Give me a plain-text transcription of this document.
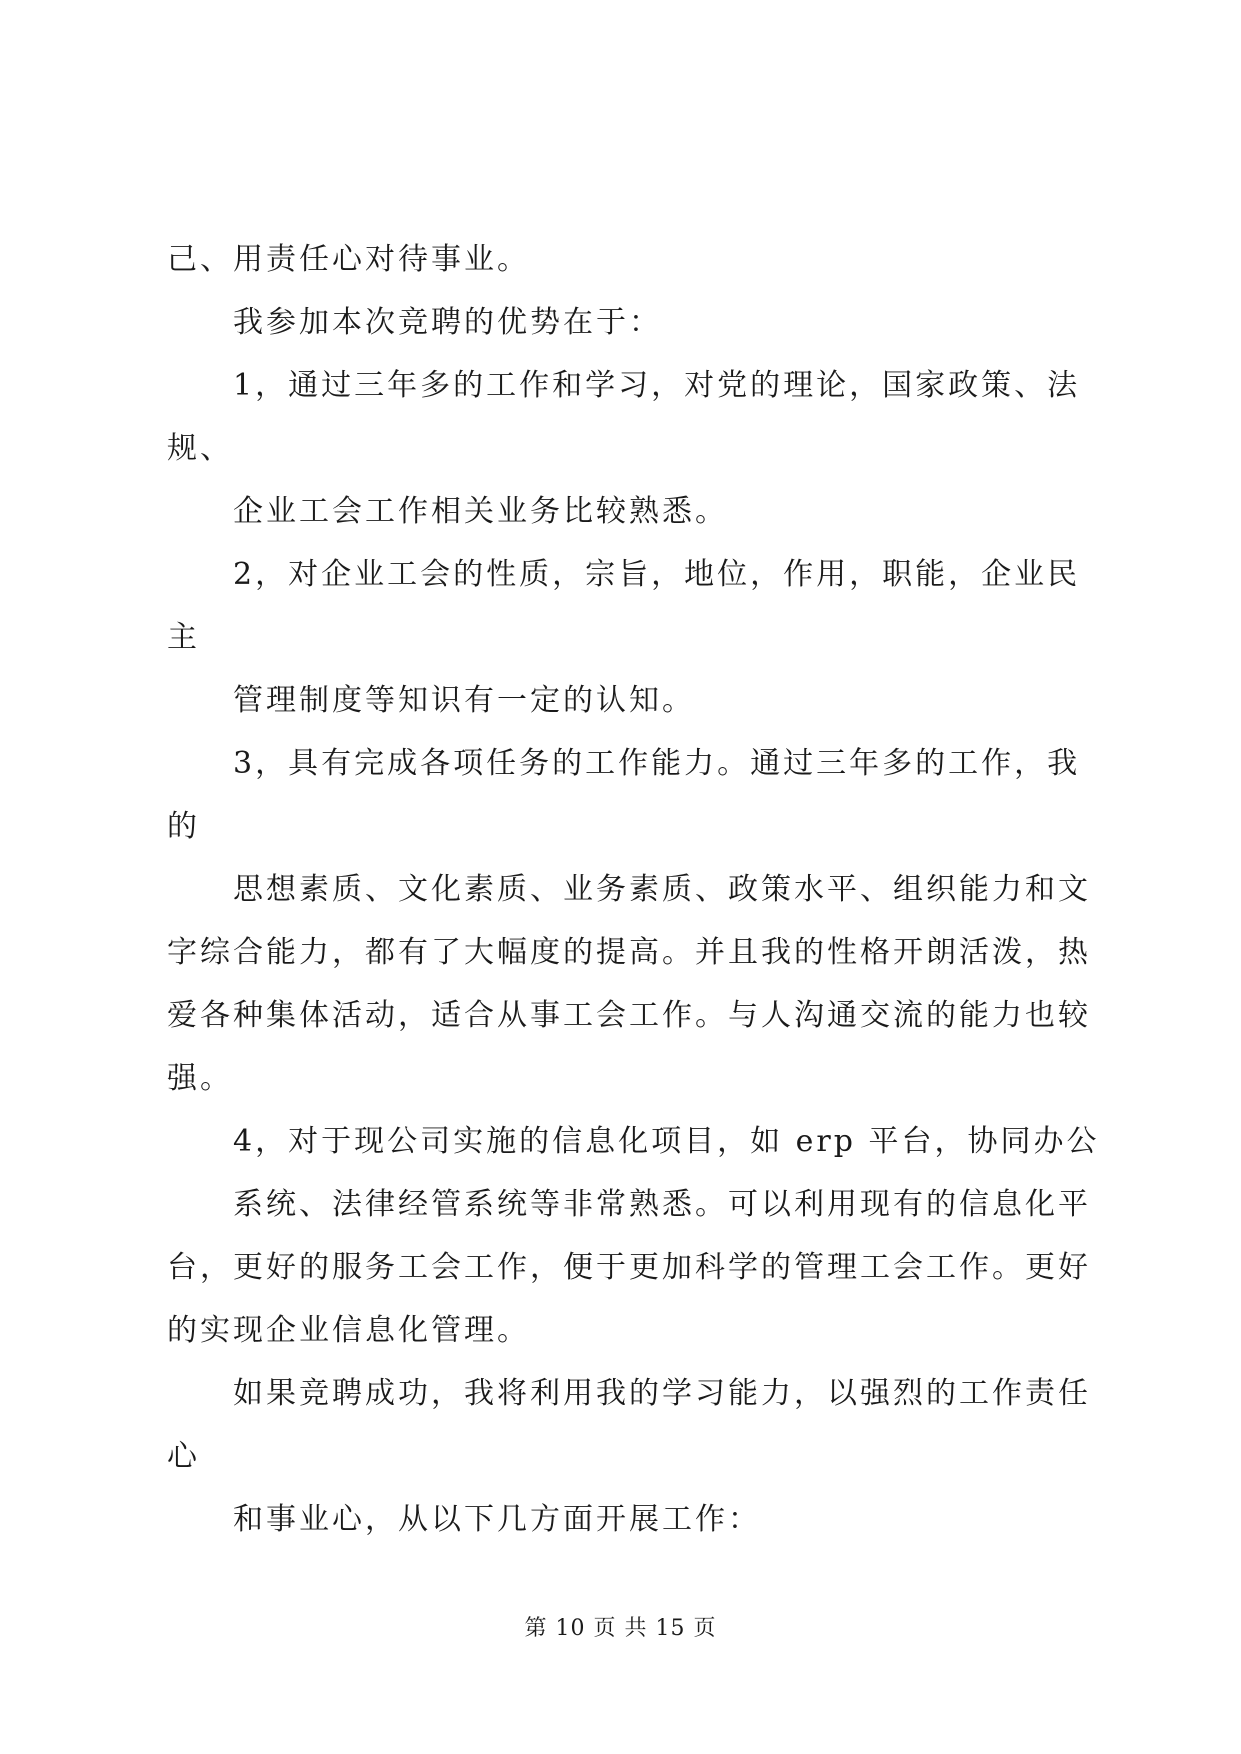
己、用责任心对待事业。
我参加本次竞聘的优势在于：
1，通过三年多的工作和学习，对党的理论，国家政策、法
规、
企业工会工作相关业务比较熟悉。
2，对企业工会的性质，宗旨，地位，作用，职能，企业民
主
管理制度等知识有一定的认知。
3，具有完成各项任务的工作能力。通过三年多的工作，我
的
思想素质、文化素质、业务素质、政策水平、组织能力和文
字综合能力，都有了大幅度的提高。并且我的性格开朗活泼，热
爱各种集体活动，适合从事工会工作。与人沟通交流的能力也较
强。
4，对于现公司实施的信息化项目，如 erp 平台，协同办公
系统、法律经管系统等非常熟悉。可以利用现有的信息化平
台，更好的服务工会工作，便于更加科学的管理工会工作。更好
的实现企业信息化管理。
如果竞聘成功，我将利用我的学习能力，以强烈的工作责任
心
和事业心，从以下几方面开展工作：
第 10 页 共 15 页
